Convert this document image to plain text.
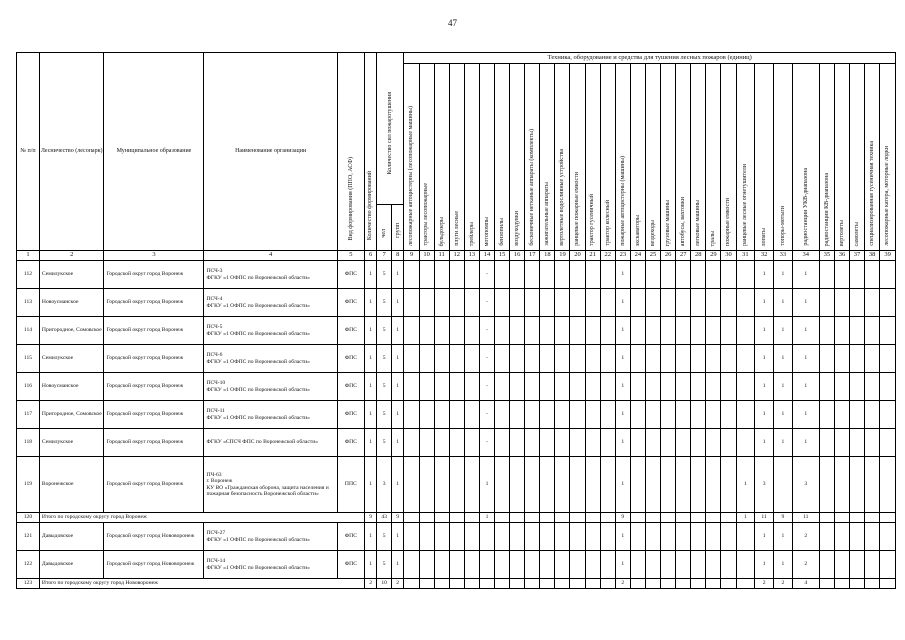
47
№ п/п	Лесничество (лесопарк)	Муниципальное образование	Наименование организации	Вид формирования (ППО, АСФ)	Количество формирований	Количество сил пожаротушения		Техника, оборудование и средства для тушения лесных пожаров (единиц)																														

								лесопожарные автоцистерны (лесопожарные машины)	тракторы лесопожарные	бульдозеры	плуги лесные	трейлеры	мотопомпы	бензопилы	воздуходувки	бесконечные нетканые аппараты (комплекты)	зажигательные аппараты	вертолетные водосливные устройства	ранцевые пожарные емкости	трактор гусеничный	трактор колесный	пожарные автоцистерны (машины)	экскаваторы	вездеходы	грузовые машины	автобусы, вахтовки	легковые машины	тралы	пожарные емкости	ранцевые лесные огнетушители	лопаты	топоры-мотыги	радиостанции УКВ-диапазона	радиостанции КВ-диапазона	вертолеты	самолеты	специализированная гусеничная техника	лесопожарные катера, моторные лодки

						чел	групп																															

1	2	3	4	5	6	7	8	9	10	11	12	13	14	15	16	17	18	19	20	21	22	23	24	25	26	27	28	29	30	31	32	33	34	35	36	37	38	39
112	Семилукское	Городской округ город Воронеж	ПСЧ-3
ФГКУ «1 ОФПС по Воронежской области»	ФПС	1	5	1						-									1									1	1	1					
113	Новоусманское	Городской округ город Воронеж	ПСЧ-4
ФГКУ «1 ОФПС по Воронежской области»	ФПС	1	5	1						-									1									1	1	1					
114	Пригородное, Сомовское	Городской округ город Воронеж	ПСЧ-5
ФГКУ «1 ОФПС по Воронежской области»	ФПС	1	5	1						-									1									1	1	1					
115	Семилукское	Городской округ город Воронеж	ПСЧ-6
ФГКУ «1 ОФПС по Воронежской области»	ФПС	1	5	1						-									1									1	1	1					
116	Новоусманское	Городской округ город Воронеж	ПСЧ-10
ФГКУ «1 ОФПС по Воронежской области»	ФПС	1	5	1						-									1									1	1	1					
117	Пригородное, Сомовское	Городской округ город Воронеж	ПСЧ-11
ФГКУ «1 ОФПС по Воронежской области»	ФПС	1	5	1						-									1									1	1	1					
118	Семилукское	Городской округ город Воронеж	ФГКУ «СПСЧ ФПС по Воронежской области»	ФПС	1	5	1						-									1									1	1	1					
119	Воронежское	Городской округ город Воронеж	ПЧ-63
г. Воронеж
КУ ВО «Гражданская оборона, защита населения и пожарная безопасность Воронежской области»	ППС	1	3	1						1									1								1	3		3					
120	Итого по городскому округу город Воронеж				9	43	9						1									9								1	11	9	11					
121	Давыдовское	Городской округ город Нововоронеж	ПСЧ-27
ФГКУ «1 ОФПС по Воронежской области»	ФПС	1	5	1															1									1	1	2					
122	Давыдовское	Городской округ город Нововоронеж	ПСЧ-14
ФГКУ «1 ОФПС по Воронежской области»	ФПС	1	5	1															1									1	1	2					
123	Итого по городскому округу город Нововоронеж				2	10	2															2									2	2	4					
